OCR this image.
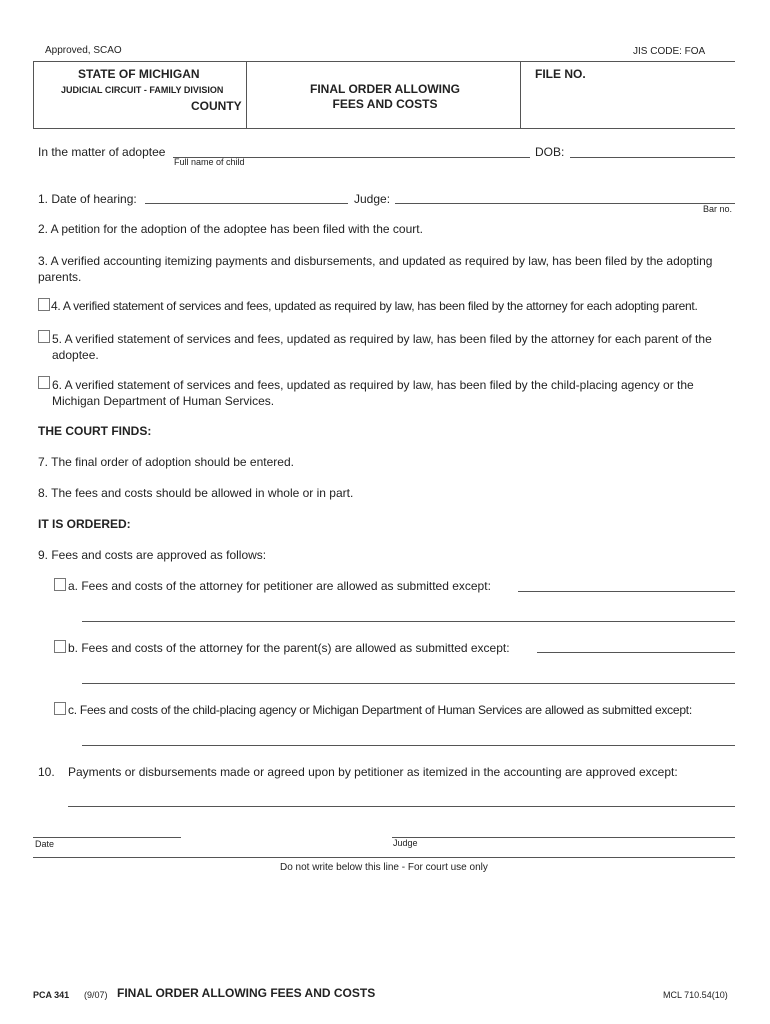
Approved, SCAO	JIS CODE: FOA
STATE OF MICHIGAN
JUDICIAL CIRCUIT - FAMILY DIVISION
COUNTY
FINAL ORDER ALLOWING
FEES AND COSTS
FILE NO.
In the matter of adoptee
Full name of child
DOB:
1. Date of hearing:	Judge:
Bar no.
2. A petition for the adoption of the adoptee has been filed with the court.
3. A verified accounting itemizing payments and disbursements, and updated as required by law, has been filed by the adopting parents.
4. A verified statement of services and fees, updated as required by law, has been filed by the attorney for each adopting parent.
5. A verified statement of services and fees, updated as required by law, has been filed by the attorney for each parent of the adoptee.
6. A verified statement of services and fees, updated as required by law, has been filed by the child-placing agency or the Michigan Department of Human Services.
THE COURT FINDS:
7. The final order of adoption should be entered.
8. The fees and costs should be allowed in whole or in part.
IT IS ORDERED:
9. Fees and costs are approved as follows:
a. Fees and costs of the attorney for petitioner are allowed as submitted except:
b. Fees and costs of the attorney for the parent(s) are allowed as submitted except:
c. Fees and costs of the child-placing agency or Michigan Department of Human Services are allowed as submitted except:
10. Payments or disbursements made or agreed upon by petitioner as itemized in the accounting are approved except:
Date	Judge
Do not write below this line - For court use only
PCA 341 (9/07) FINAL ORDER ALLOWING FEES AND COSTS	MCL 710.54(10)
